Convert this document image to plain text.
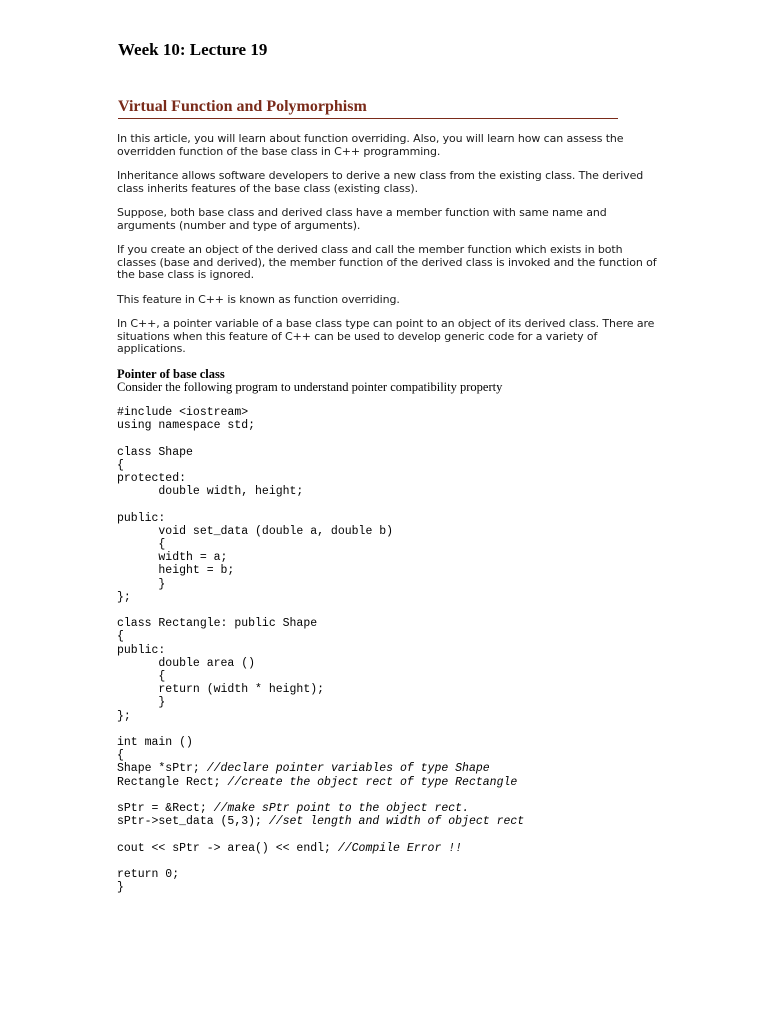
Week 10: Lecture 19
Virtual Function and Polymorphism

In this article, you will learn about function overriding. Also, you will learn how can assess the overridden function of the base class in C++ programming.

Inheritance allows software developers to derive a new class from the existing class. The derived class inherits features of the base class (existing class).

Suppose, both base class and derived class have a member function with same name and arguments (number and type of arguments).

If you create an object of the derived class and call the member function which exists in both classes (base and derived), the member function of the derived class is invoked and the function of the base class is ignored.

This feature in C++ is known as function overriding.

In C++, a pointer variable of a base class type can point to an object of its derived class. There are situations when this feature of C++ can be used to develop generic code for a variety of applications.

Pointer of base class
Consider the following program to understand pointer compatibility property
#include <iostream>
using namespace std;

class Shape
{
protected:
double width, height;

public:
void set_data (double a, double b)
{
width = a;
height = b;
}
};

class Rectangle: public Shape
{
public:
double area ()
{
return (width * height);
}
};

int main ()
{
Shape *sPtr; //declare pointer variables of type Shape
Rectangle Rect; //create the object rect of type Rectangle

sPtr = &Rect; //make sPtr point to the object rect.
sPtr->set_data (5,3); //set length and width of object rect

cout << sPtr -> area() << endl; //Compile Error !!

return 0;
}
